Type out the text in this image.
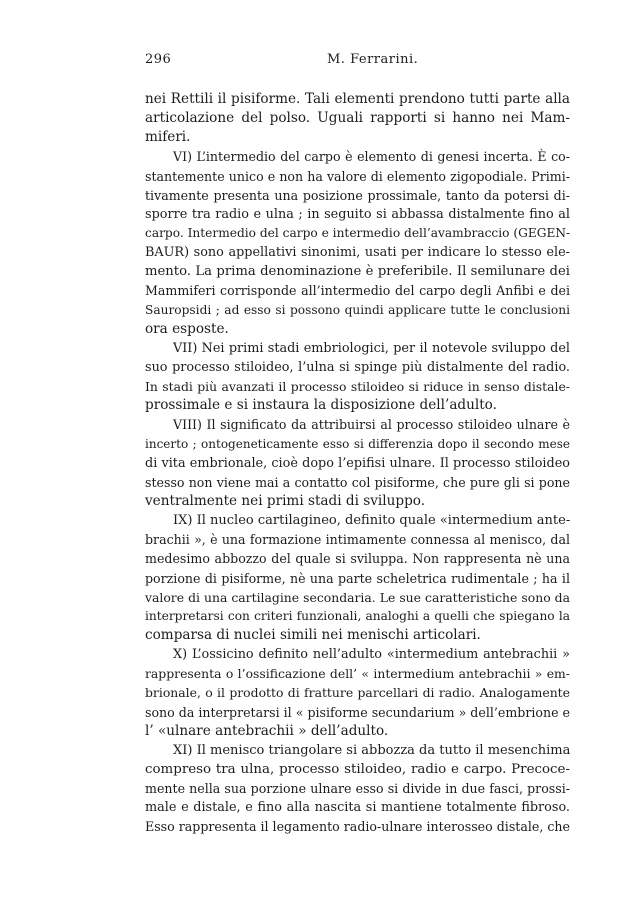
296	M. Ferrarini.
nei Rettili il pisiforme. Tali elementi prendono tutti parte alla
articolazione del polso. Uguali rapporti si hanno nei Mam-
miferi.
VI) L’intermedio del carpo è elemento di genesi incerta. È co-
stantemente unico e non ha valore di elemento zigopodiale. Primi-
tivamente presenta una posizione prossimale, tanto da potersi di-
sporre tra radio e ulna ; in seguito si abbassa distalmente fino al
carpo. Intermedio del carpo e intermedio dell’avambraccio (GEGEN-
BAUR) sono appellativi sinonimi, usati per indicare lo stesso ele-
mento. La prima denominazione è preferibile. Il semilunare dei
Mammiferi corrisponde all’intermedio del carpo degli Anfibi e dei
Sauropsidi ; ad esso si possono quindi applicare tutte le conclusioni
ora esposte.
VII) Nei primi stadi embriologici, per il notevole sviluppo del
suo processo stiloideo, l’ulna si spinge più distalmente del radio.
In stadi più avanzati il processo stiloideo si riduce in senso distale-
prossimale e si instaura la disposizione dell’adulto.
VIII) Il significato da attribuirsi al processo stiloideo ulnare è
incerto ; ontogeneticamente esso si differenzia dopo il secondo mese
di vita embrionale, cioè dopo l’epifisi ulnare. Il processo stiloideo
stesso non viene mai a contatto col pisiforme, che pure gli si pone
ventralmente nei primi stadi di sviluppo.
IX) Il nucleo cartilagineo, definito quale «intermedium ante-
brachii », è una formazione intimamente connessa al menisco, dal
medesimo abbozzo del quale si sviluppa. Non rappresenta nè una
porzione di pisiforme, nè una parte scheletrica rudimentale ; ha il
valore di una cartilagine secondaria. Le sue caratteristiche sono da
interpretarsi con criteri funzionali, analoghi a quelli che spiegano la
comparsa di nuclei simili nei menischi articolari.
X) L’ossicino definito nell’adulto «intermedium antebrachii »
rappresenta o l’ossificazione dell’ « intermedium antebrachii » em-
brionale, o il prodotto di fratture parcellari di radio. Analogamente
sono da interpretarsi il « pisiforme secundarium » dell’embrione e
l’ «ulnare antebrachii » dell’adulto.
XI) Il menisco triangolare si abbozza da tutto il mesenchima
compreso tra ulna, processo stiloideo, radio e carpo. Precoce-
mente nella sua porzione ulnare esso si divide in due fasci, prossi-
male e distale, e fino alla nascita si mantiene totalmente fibroso.
Esso rappresenta il legamento radio-ulnare interosseo distale, che
